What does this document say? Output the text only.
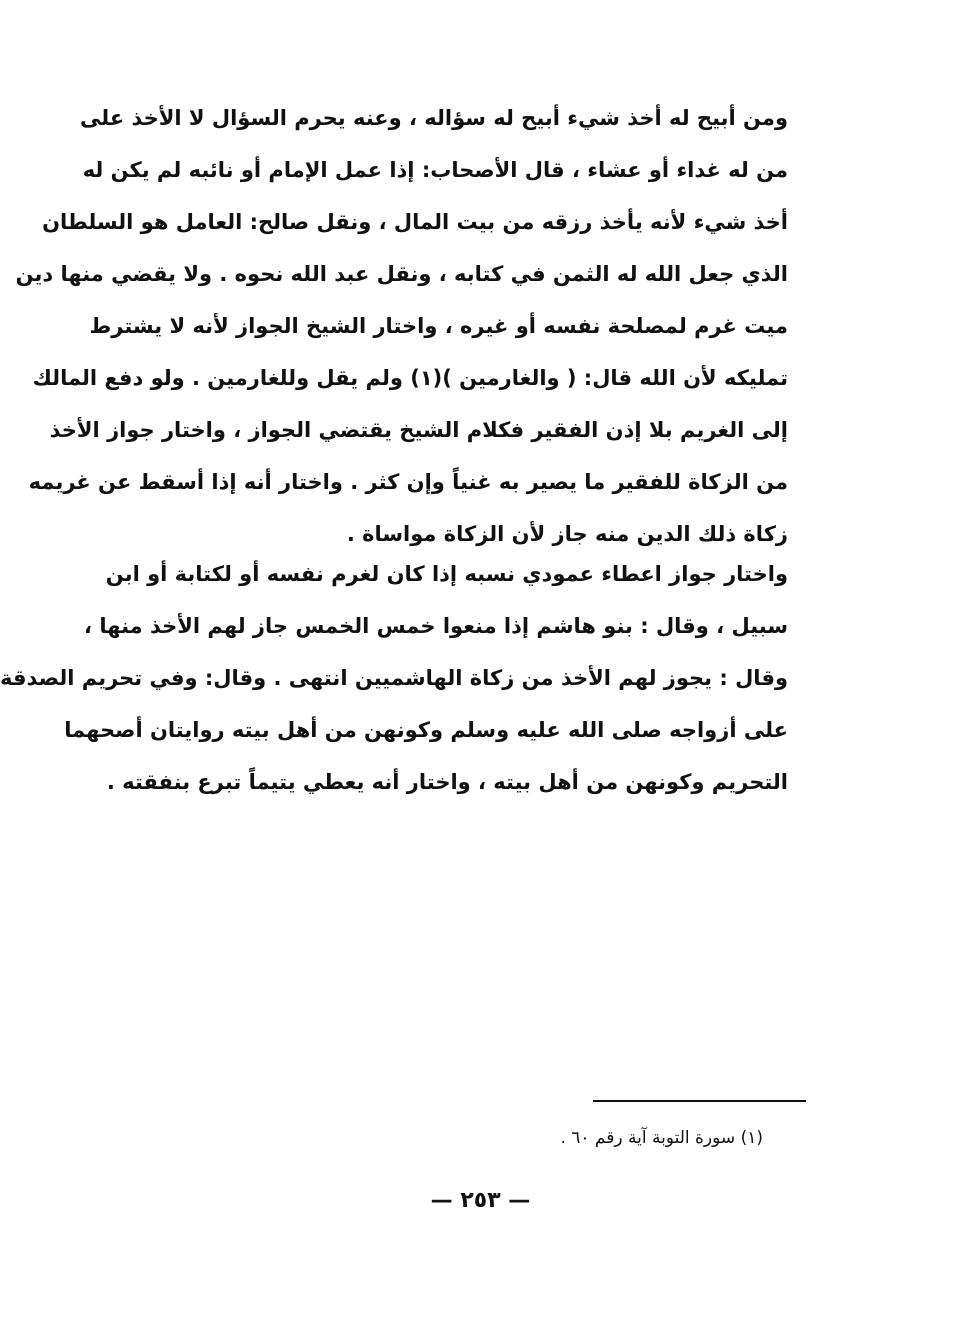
ومن أبيح له أخذ شيء أبيح له سؤاله ، وعنه يحرم السؤال لا الأخذ على
من له غداء أو عشاء ، قال الأصحاب: إذا عمل الإمام أو نائبه لم يكن له
أخذ شيء لأنه يأخذ رزقه من بيت المال ، ونقل صالح: العامل هو السلطان
الذي جعل الله له الثمن في كتابه ، ونقل عبد الله نحوه . ولا يقضي منها دين
ميت غرم لمصلحة نفسه أو غيره ، واختار الشيخ الجواز لأنه لا يشترط
تمليكه لأن الله قال: ( والغارمين )(١) ولم يقل وللغارمين . ولو دفع المالك
إلى الغريم بلا إذن الفقير فكلام الشيخ يقتضي الجواز ، واختار جواز الأخذ
من الزكاة للفقير ما يصير به غنياً وإن كثر . واختار أنه إذا أسقط عن غريمه
زكاة ذلك الدين منه جاز لأن الزكاة مواساة .
واختار جواز اعطاء عمودي نسبه إذا كان لغرم نفسه أو لكتابة أو ابن
سبيل ، وقال : بنو هاشم إذا منعوا خمس الخمس جاز لهم الأخذ منها ،
وقال : يجوز لهم الأخذ من زكاة الهاشميين انتهى . وقال: وفي تحريم الصدقة
على أزواجه صلى الله عليه وسلم وكونهن من أهل بيته روايتان أصحهما
التحريم وكونهن من أهل بيته ، واختار أنه يعطي يتيماً تبرع بنفقته .
(١) سورة التوبة آية رقم ٦٠ .
— ٢٥٣ —
